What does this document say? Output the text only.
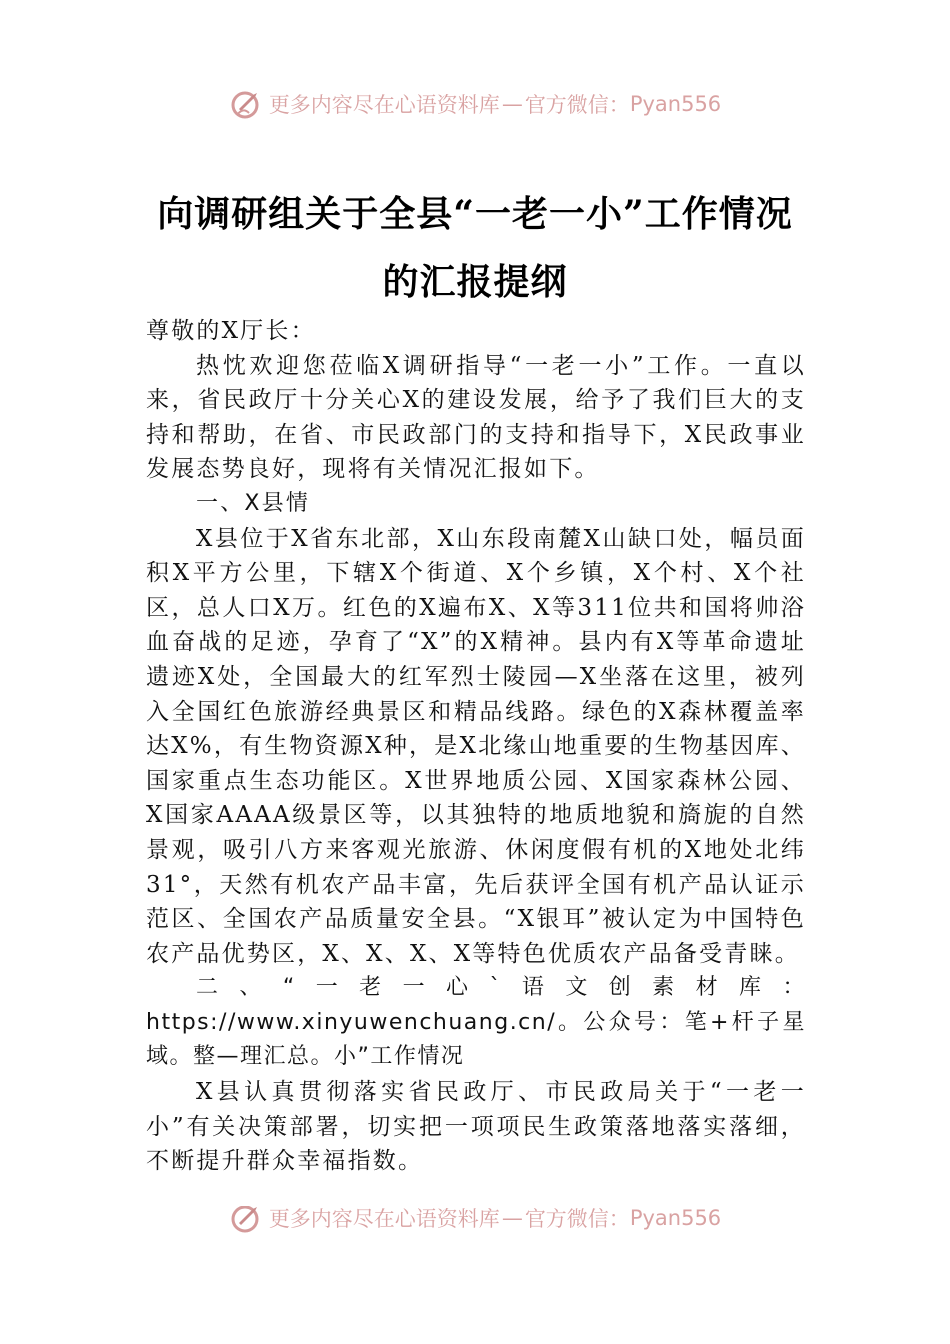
更多内容尽在心语资料库 — 官方微信： Pyan556
向调研组关于全县“一老一小”工作情况
的汇报提纲

尊敬的X厅长：

热忱欢迎您莅临X调研指导“一老一小”工作。一直以来，省民政厅十分关心X的建设发展，给予了我们巨大的支持和帮助，在省、市民政部门的支持和指导下，X民政事业发展态势良好，现将有关情况汇报如下。

一、X县情

X县位于X省东北部，X山东段南麓X山缺口处，幅员面积X平方公里，下辖X个街道、X个乡镇，X个村、X个社区，总人口X万。红色的X遍布X、X等311位共和国将帅浴血奋战的足迹，孕育了“X”的X精神。县内有X等革命遗址遗迹X处，全国最大的红军烈士陵园—X坐落在这里，被列入全国红色旅游经典景区和精品线路。绿色的X森林覆盖率达X%，有生物资源X种，是X北缘山地重要的生物基因库、国家重点生态功能区。X世界地质公园、X国家森林公园、X国家AAAA级景区等，以其独特的地质地貌和旖旎的自然景观，吸引八方来客观光旅游、休闲度假有机的X地处北纬31°，天然有机农产品丰富，先后获评全国有机产品认证示范区、全国农产品质量安全县。“X银耳”被认定为中国特色农产品优势区，X、X、X、X等特色优质农产品备受青睐。

二、“一老一心`语文创素材库：https://www.xinyuwenchuang.cn/。公众号：笔+杆子星域。整—理汇总。小”工作情况

X县认真贯彻落实省民政厅、市民政局关于“一老一小”有关决策部署，切实把一项项民生政策落地落实落细，不断提升群众幸福指数。

更多内容尽在心语资料库 — 官方微信： Pyan556
